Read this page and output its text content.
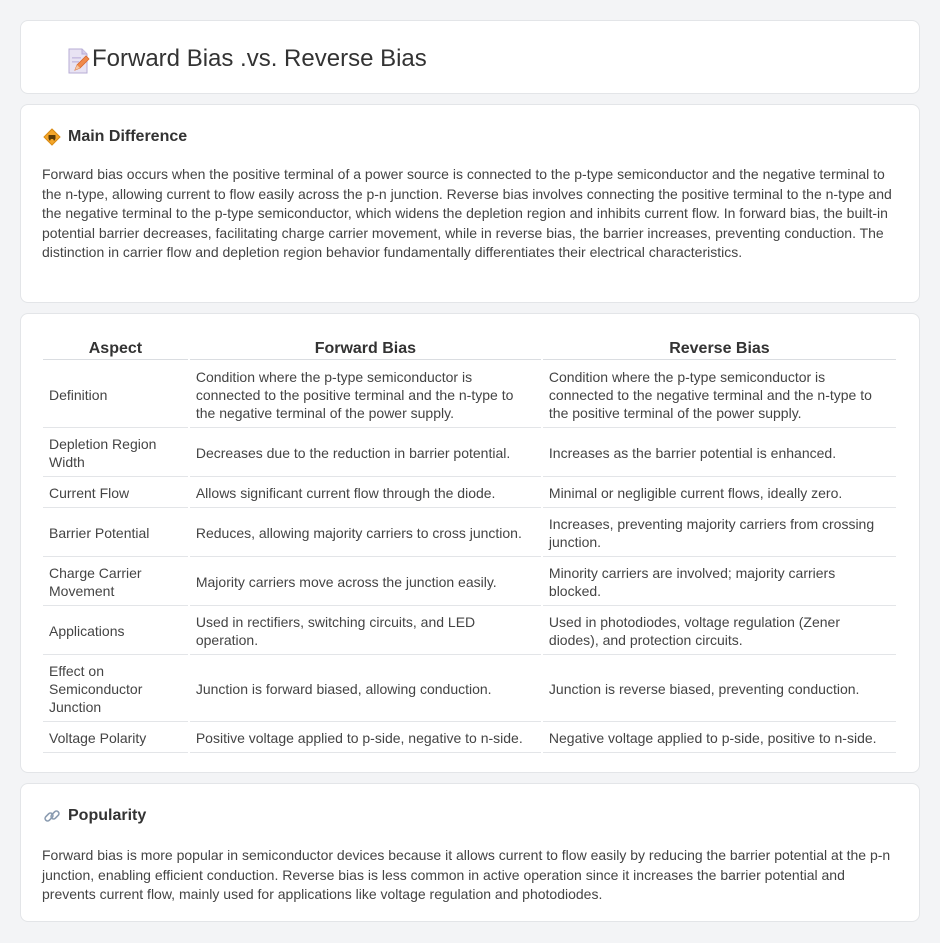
Forward Bias .vs. Reverse Bias
Main Difference

Forward bias occurs when the positive terminal of a power source is connected to the p-type semiconductor and the negative terminal to the n-type, allowing current to flow easily across the p-n junction. Reverse bias involves connecting the positive terminal to the n-type and the negative terminal to the p-type semiconductor, which widens the depletion region and inhibits current flow. In forward bias, the built-in potential barrier decreases, facilitating charge carrier movement, while in reverse bias, the barrier increases, preventing conduction. The distinction in carrier flow and depletion region behavior fundamentally differentiates their electrical characteristics.

Aspect	Forward Bias	Reverse Bias
Definition	Condition where the p-type semiconductor is connected to the positive terminal and the n-type to the negative terminal of the power supply.	Condition where the p-type semiconductor is connected to the negative terminal and the n-type to the positive terminal of the power supply.
Depletion Region Width	Decreases due to the reduction in barrier potential.	Increases as the barrier potential is enhanced.
Current Flow	Allows significant current flow through the diode.	Minimal or negligible current flows, ideally zero.
Barrier Potential	Reduces, allowing majority carriers to cross junction.	Increases, preventing majority carriers from crossing junction.
Charge Carrier Movement	Majority carriers move across the junction easily.	Minority carriers are involved; majority carriers blocked.
Applications	Used in rectifiers, switching circuits, and LED operation.	Used in photodiodes, voltage regulation (Zener diodes), and protection circuits.
Effect on Semiconductor Junction	Junction is forward biased, allowing conduction.	Junction is reverse biased, preventing conduction.
Voltage Polarity	Positive voltage applied to p-side, negative to n-side.	Negative voltage applied to p-side, positive to n-side.
Popularity

Forward bias is more popular in semiconductor devices because it allows current to flow easily by reducing the barrier potential at the p-n junction, enabling efficient conduction. Reverse bias is less common in active operation since it increases the barrier potential and prevents current flow, mainly used for applications like voltage regulation and photodiodes.
